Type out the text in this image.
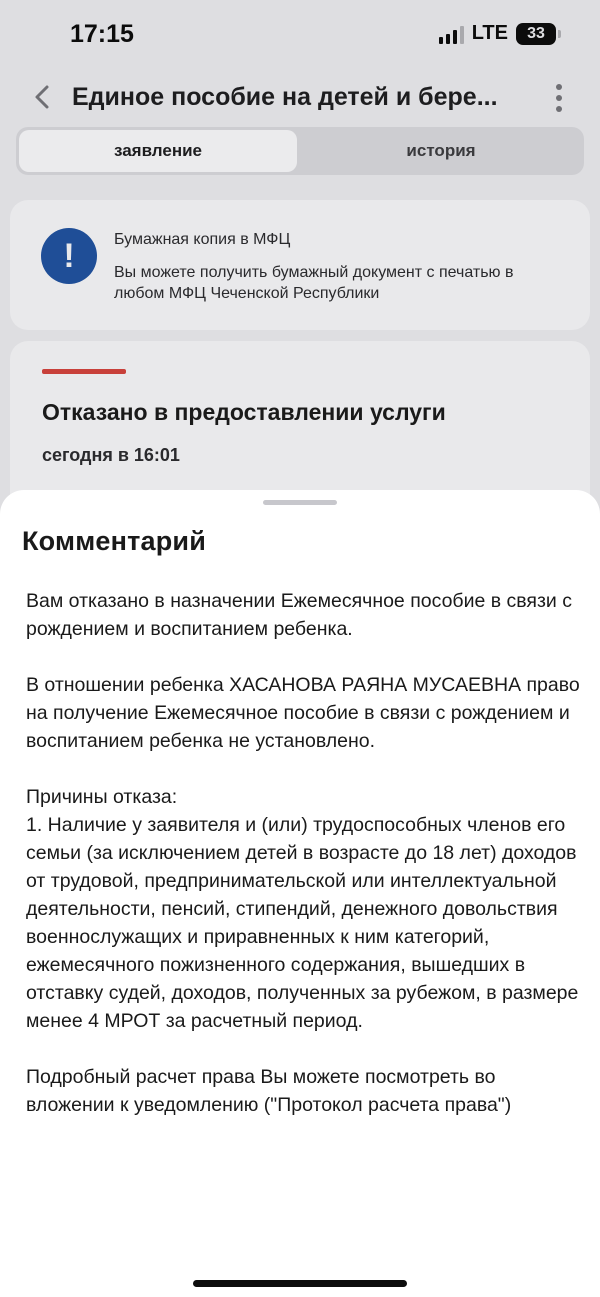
17:15	LTE 33
Единое пособие на детей и бере...
заявление	история
! Бумажная копия в МФЦ
Вы можете получить бумажный документ с печатью в любом МФЦ Чеченской Республики
Отказано в предоставлении услуги
сегодня в 16:01
Комментарий

Вам отказано в назначении Ежемесячное пособие в связи с рождением и воспитанием ребенка.

В отношении ребенка ХАСАНОВА РАЯНА МУСАЕВНА право на получение Ежемесячное пособие в связи с рождением и воспитанием ребенка не установлено.

Причины отказа:
1. Наличие у заявителя и (или) трудоспособных членов его семьи (за исключением детей в возрасте до 18 лет) доходов от трудовой, предпринимательской или интеллектуальной деятельности, пенсий, стипендий, денежного довольствия военнослужащих и приравненных к ним категорий, ежемесячного пожизненного содержания, вышедших в отставку судей, доходов, полученных за рубежом, в размере менее 4 МРОТ за расчетный период.

Подробный расчет права Вы можете посмотреть во вложении к уведомлению ("Протокол расчета права")
